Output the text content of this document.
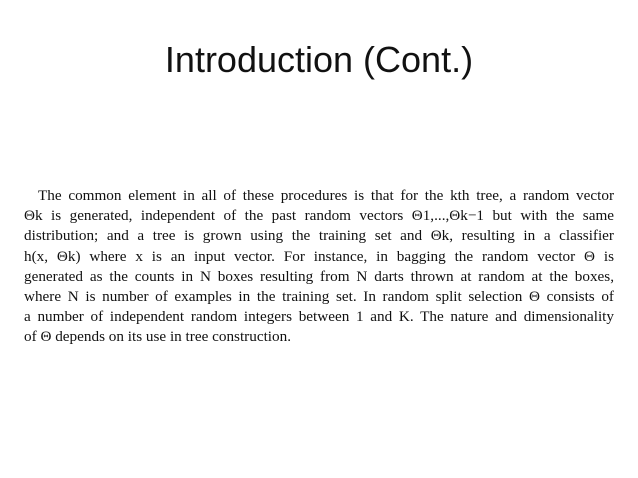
Introduction (Cont.)
The common element in all of these procedures is that for the kth tree, a random vector
Θk is generated, independent of the past random vectors Θ1,...,Θk−1 but with the same
distribution; and a tree is grown using the training set and Θk, resulting in a classifier
h(x, Θk) where x is an input vector. For instance, in bagging the random vector Θ is
generated as the counts in N boxes resulting from N darts thrown at random at the boxes,
where N is number of examples in the training set. In random split selection Θ consists of
a number of independent random integers between 1 and K. The nature and dimensionality
of Θ depends on its use in tree construction.
